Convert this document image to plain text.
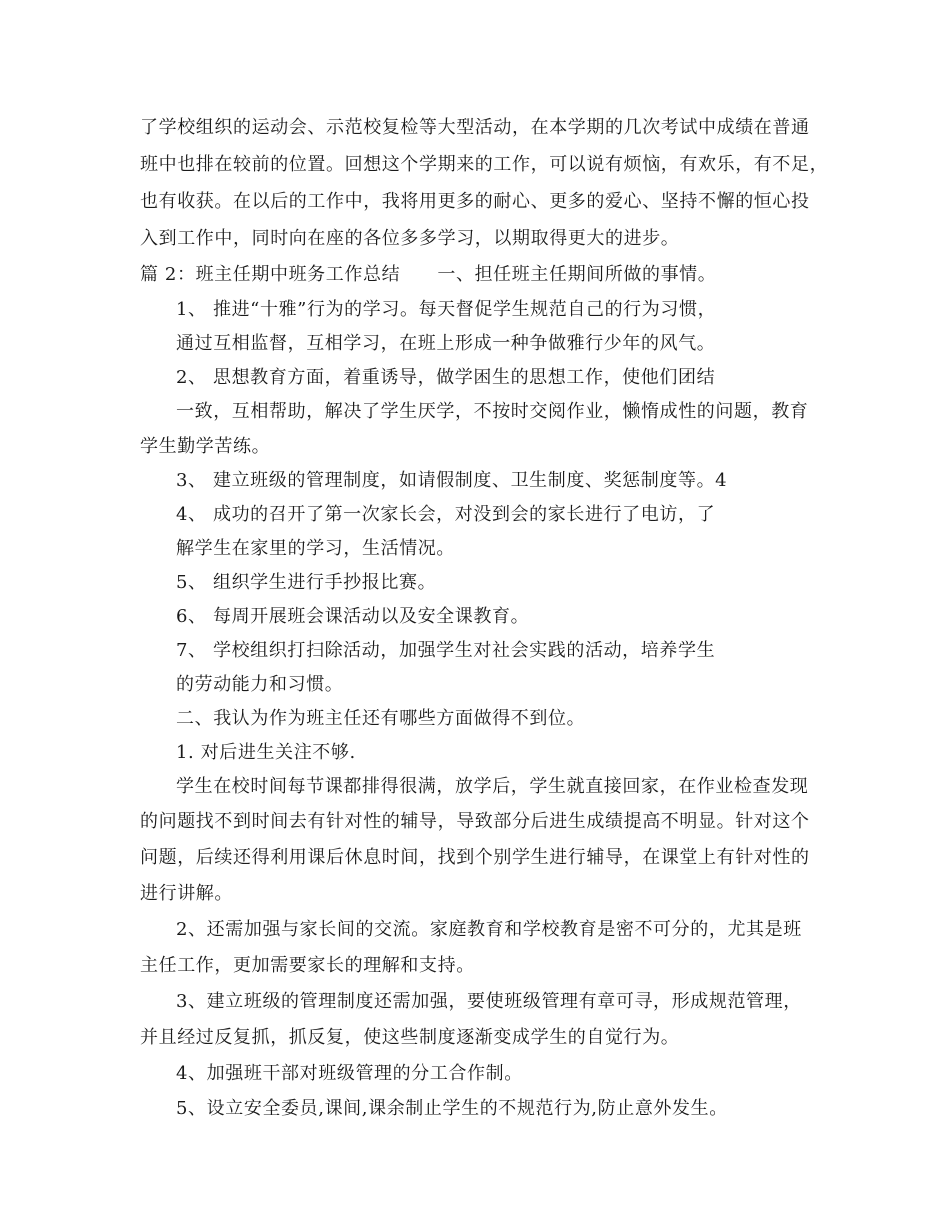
了学校组织的运动会、示范校复检等大型活动，在本学期的几次考试中成绩在普通
班中也排在较前的位置。回想这个学期来的工作，可以说有烦恼，有欢乐，有不足，
也有收获。在以后的工作中，我将用更多的耐心、更多的爱心、坚持不懈的恒心投
入到工作中，同时向在座的各位多多学习，以期取得更大的进步。
篇 2：班主任期中班务工作总结　　一、担任班主任期间所做的事情。
1、 推进“十雅”行为的学习。每天督促学生规范自己的行为习惯，
通过互相监督，互相学习，在班上形成一种争做雅行少年的风气。
2、 思想教育方面，着重诱导，做学困生的思想工作，使他们团结
一致，互相帮助，解决了学生厌学，不按时交阅作业，懒惰成性的问题，教育
学生勤学苦练。
3、 建立班级的管理制度，如请假制度、卫生制度、奖惩制度等。4
4、 成功的召开了第一次家长会，对没到会的家长进行了电访，了
解学生在家里的学习，生活情况。
5、 组织学生进行手抄报比赛。
6、 每周开展班会课活动以及安全课教育。
7、 学校组织打扫除活动，加强学生对社会实践的活动，培养学生
的劳动能力和习惯。
二、我认为作为班主任还有哪些方面做得不到位。
1. 对后进生关注不够.
学生在校时间每节课都排得很满，放学后，学生就直接回家，在作业检查发现
的问题找不到时间去有针对性的辅导，导致部分后进生成绩提高不明显。针对这个
问题，后续还得利用课后休息时间，找到个别学生进行辅导，在课堂上有针对性的
进行讲解。
2、还需加强与家长间的交流。家庭教育和学校教育是密不可分的，尤其是班
主任工作，更加需要家长的理解和支持。
3、建立班级的管理制度还需加强，要使班级管理有章可寻，形成规范管理，
并且经过反复抓，抓反复，使这些制度逐渐变成学生的自觉行为。
4、加强班干部对班级管理的分工合作制。
5、设立安全委员,课间,课余制止学生的不规范行为,防止意外发生。
